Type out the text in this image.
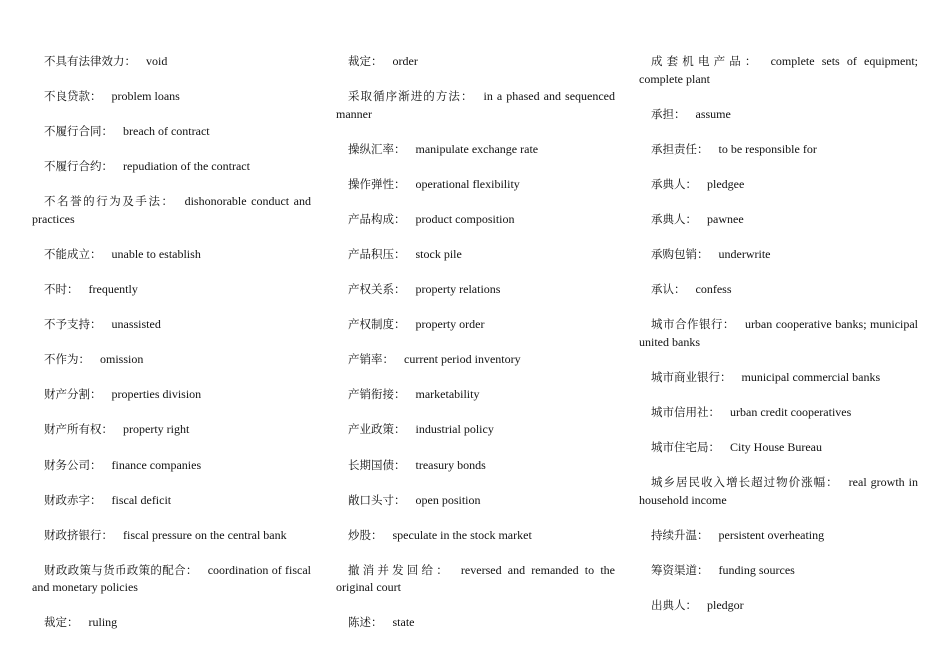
不具有法律效力： void

不良贷款： problem loans

不履行合同： breach of contract

不履行合约： repudiation of the contract

不名誉的行为及手法： dishonorable conduct and practices

不能成立： unable to establish

不时： frequently

不予支持： unassisted

不作为： omission

财产分割： properties division

财产所有权： property right

财务公司： finance companies

财政赤字： fiscal deficit

财政挤银行： fiscal pressure on the central bank

财政政策与货币政策的配合： coordination of fiscal and monetary policies

裁定： ruling

裁定： order

采取循序渐进的方法： in a phased and sequenced manner

操纵汇率： manipulate exchange rate

操作弹性： operational flexibility

产品构成： product composition

产品积压： stock pile

产权关系： property relations

产权制度： property order

产销率： current period inventory

产销衔接： marketability

产业政策： industrial policy

长期国债： treasury bonds

敞口头寸： open position

炒股： speculate in the stock market

撤消并发回给： reversed and remanded to the original court

陈述： state

成套机电产品： complete sets of equipment; complete plant

承担： assume

承担责任： to be responsible for

承典人： pledgee

承典人： pawnee

承购包销： underwrite

承认： confess

城市合作银行： urban cooperative banks; municipal united banks

城市商业银行： municipal commercial banks

城市信用社： urban credit cooperatives

城市住宅局： City House Bureau

城乡居民收入增长超过物价涨幅： real growth in household income

持续升温： persistent overheating

筹资渠道： funding sources

出典人： pledgor
